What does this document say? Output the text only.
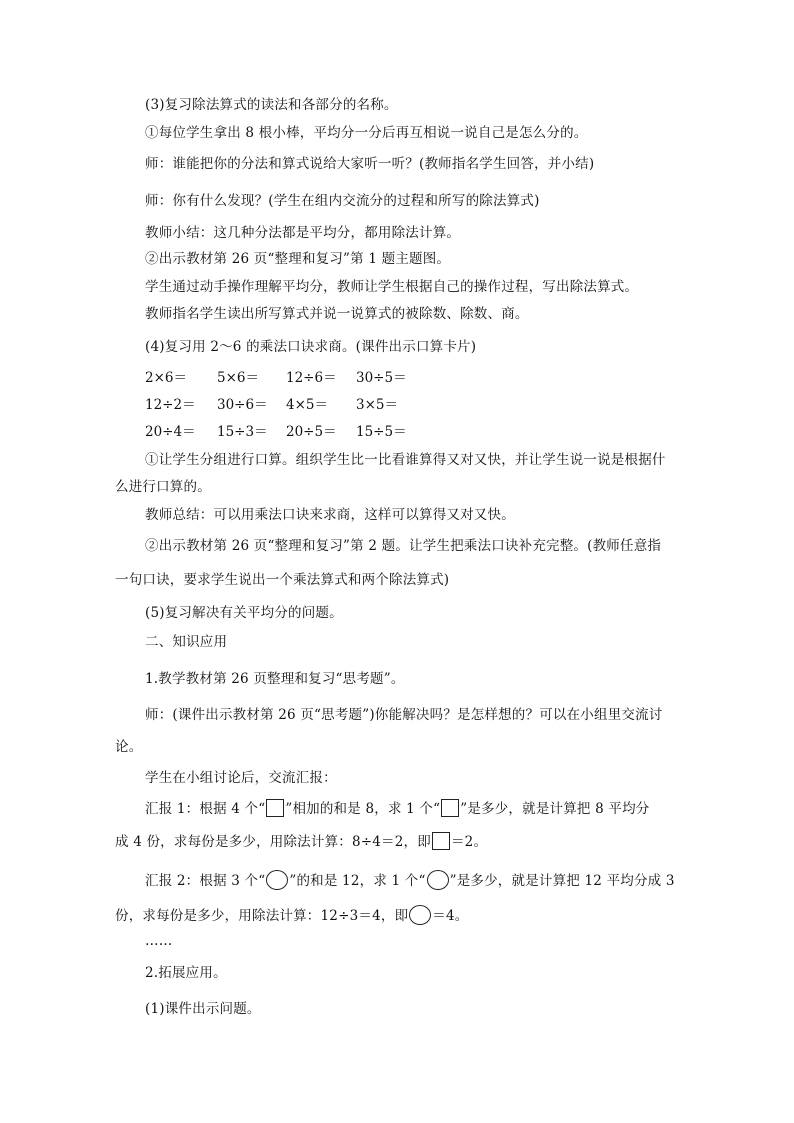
(3)复习除法算式的读法和各部分的名称。
①每位学生拿出 8 根小棒，平均分一分后再互相说一说自己是怎么分的。
师：谁能把你的分法和算式说给大家听一听？(教师指名学生回答，并小结)
师：你有什么发现？(学生在组内交流分的过程和所写的除法算式)
教师小结：这几种分法都是平均分，都用除法计算。
②出示教材第 26 页“整理和复习”第 1 题主题图。
学生通过动手操作理解平均分，教师让学生根据自己的操作过程，写出除法算式。
教师指名学生读出所写算式并说一说算式的被除数、除数、商。
(4)复习用 2～6 的乘法口诀求商。(课件出示口算卡片)
2×6＝ 5×6＝ 12÷6＝ 30÷5＝
12÷2＝ 30÷6＝ 4×5＝ 3×5＝
20÷4＝ 15÷3＝ 20÷5＝ 15÷5＝
①让学生分组进行口算。组织学生比一比看谁算得又对又快，并让学生说一说是根据什
么进行口算的。
教师总结：可以用乘法口诀来求商，这样可以算得又对又快。
②出示教材第 26 页“整理和复习”第 2 题。让学生把乘法口诀补充完整。(教师任意指
一句口诀，要求学生说出一个乘法算式和两个除法算式)
(5)复习解决有关平均分的问题。
二、知识应用
1.教学教材第 26 页整理和复习“思考题”。
师：(课件出示教材第 26 页“思考题”)你能解决吗？是怎样想的？可以在小组里交流讨
论。
学生在小组讨论后，交流汇报：
汇报 1：根据 4 个“ ”相加的和是 8，求 1 个“ ”是多少，就是计算把 8 平均分
成 4 份，求每份是多少，用除法计算：8÷4＝2，即 ＝2。
汇报 2：根据 3 个“ ”的和是 12，求 1 个“ ”是多少，就是计算把 12 平均分成 3
份，求每份是多少，用除法计算：12÷3＝4，即 ＝4。
……
2.拓展应用。
(1)课件出示问题。
